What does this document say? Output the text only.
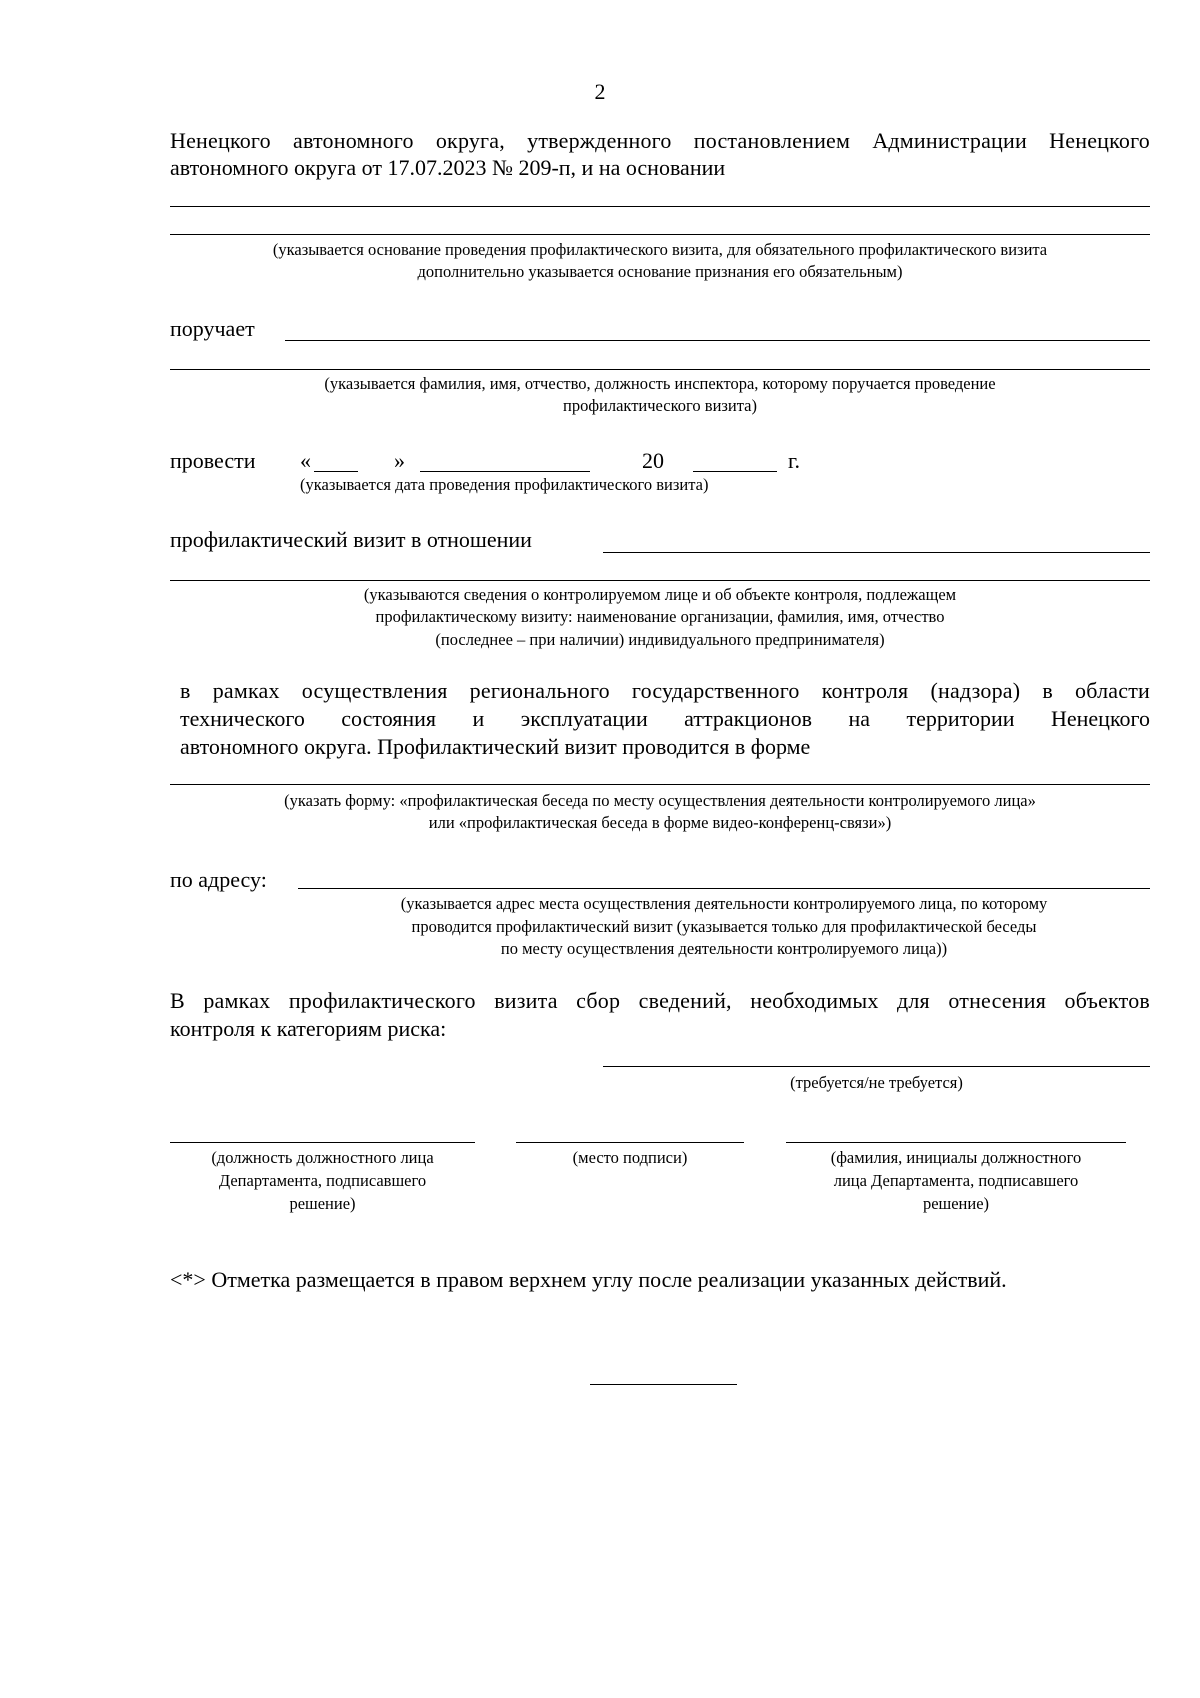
2
Ненецкого автономного округа, утвержденного постановлением Администрации Ненецкого
автономного округа от 17.07.2023 № 209-п, и на основании
(указывается основание проведения профилактического визита, для обязательного профилактического визита
дополнительно указывается основание признания его обязательным)
поручает
(указывается фамилия, имя, отчество, должность инспектора, которому поручается проведение
профилактического визита)
провести «	»	20	г.
(указывается дата проведения профилактического визита)
профилактический визит в отношении
(указываются сведения о контролируемом лице и об объекте контроля, подлежащем
профилактическому визиту: наименование организации, фамилия, имя, отчество
(последнее – при наличии) индивидуального предпринимателя)
в рамках осуществления регионального государственного контроля (надзора) в области
технического состояния и эксплуатации аттракционов на территории Ненецкого
автономного округа. Профилактический визит проводится в форме
(указать форму: «профилактическая беседа по месту осуществления деятельности контролируемого лица»
или «профилактическая беседа в форме видео-конференц-связи»)
по адресу:
(указывается адрес места осуществления деятельности контролируемого лица, по которому
проводится профилактический визит (указывается только для профилактической беседы
по месту осуществления деятельности контролируемого лица))
В рамках профилактического визита сбор сведений, необходимых для отнесения объектов
контроля к категориям риска:
(требуется/не требуется)
(должность должностного лица
Департамента, подписавшего
решение)
(место подписи)	(фамилия, инициалы должностного
лица Департамента, подписавшего
решение)
<*> Отметка размещается в правом верхнем углу после реализации указанных действий.
